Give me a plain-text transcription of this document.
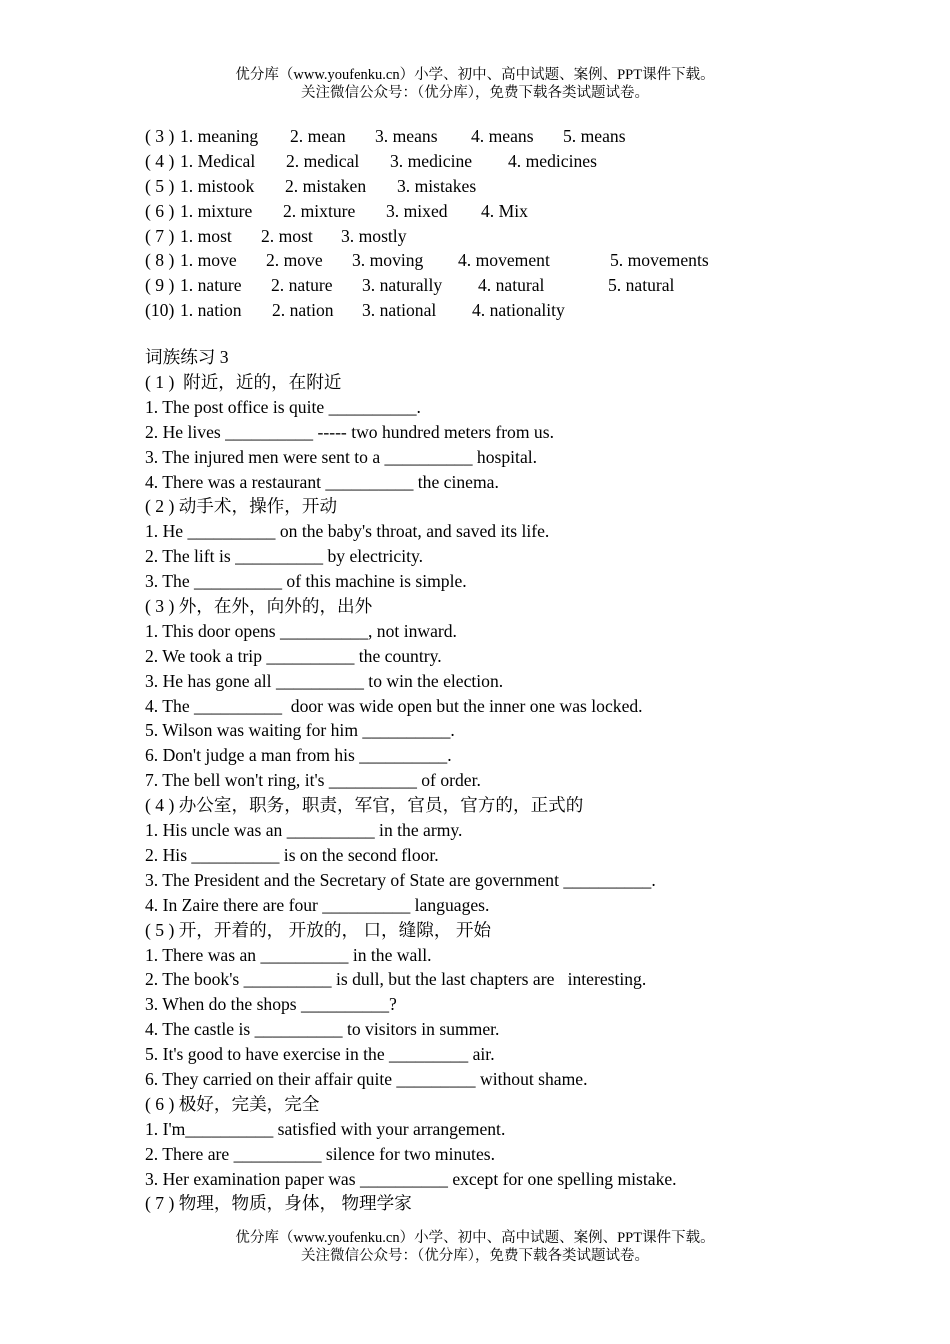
优分库（www.youfenku.cn）小学、初中、高中试题、案例、PPT课件下载。
关注微信公众号：（优分库），免费下载各类试题试卷。
( 3 ) 1. meaning 2. mean 3. means 4. means 5. means
( 4 ) 1. Medical 2. medical 3. medicine 4. medicines
( 5 ) 1. mistook 2. mistaken 3. mistakes
( 6 ) 1. mixture 2. mixture 3. mixed 4. Mix
( 7 ) 1. most 2. most 3. mostly
( 8 ) 1. move 2. move 3. moving 4. movement	5. movements
( 9 ) 1. nature 2. nature 3. naturally 4. natural	5. natural
(10) 1. nation 2. nation 3. national 4. nationality
词族练习 3
( 1 )  附近，近的，在附近
1. The post office is quite __________.
2. He lives __________ ----- two hundred meters from us.
3. The injured men were sent to a __________ hospital.
4. There was a restaurant __________ the cinema.
( 2 ) 动手术，操作，开动
1. He __________ on the baby's throat, and saved its life.
2. The lift is __________ by electricity.
3. The __________ of this machine is simple.
( 3 ) 外，在外，向外的，出外
1. This door opens __________, not inward.
2. We took a trip __________ the country.
3. He has gone all __________ to win the election.
4. The __________  door was wide open but the inner one was locked.
5. Wilson was waiting for him __________.
6. Don't judge a man from his __________.
7. The bell won't ring, it's __________ of order.
( 4 ) 办公室，职务，职责，军官，官员，官方的，正式的
1. His uncle was an __________ in the army.
2. His __________ is on the second floor.
3. The President and the Secretary of State are government __________.
4. In Zaire there are four __________ languages.
( 5 ) 开，开着的， 开放的， 口，缝隙， 开始
1. There was an __________ in the wall.
2. The book's __________ is dull, but the last chapters are   interesting.
3. When do the shops __________?
4. The castle is __________ to visitors in summer.
5. It's good to have exercise in the _________ air.
6. They carried on their affair quite _________ without shame.
( 6 ) 极好，完美，完全
1. I'm__________ satisfied with your arrangement.
2. There are __________ silence for two minutes.
3. Her examination paper was __________ except for one spelling mistake.
( 7 ) 物理，物质，身体， 物理学家
优分库（www.youfenku.cn）小学、初中、高中试题、案例、PPT课件下载。
关注微信公众号：（优分库），免费下载各类试题试卷。
